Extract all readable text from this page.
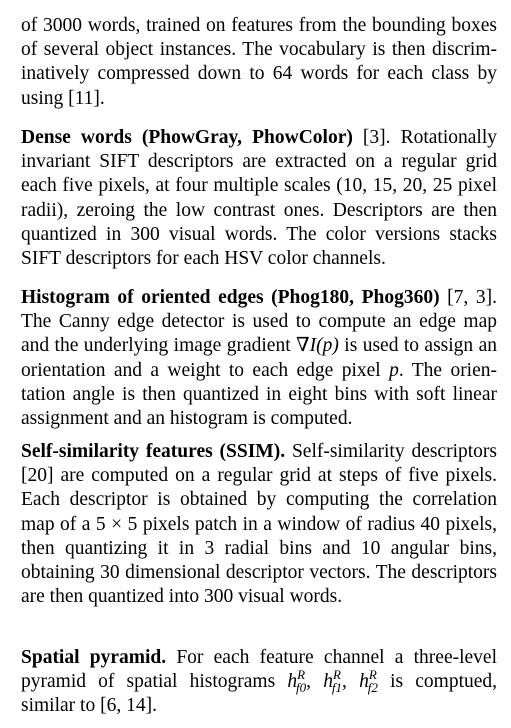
of 3000 words, trained on features from the bounding boxes of several object instances. The vocabulary is then discriminatively compressed down to 64 words for each class by using [11].

Dense words (PhowGray, PhowColor) [3]. Rotationally invariant SIFT descriptors are extracted on a regular grid each five pixels, at four multiple scales (10, 15, 20, 25 pixel radii), zeroing the low contrast ones. Descriptors are then quantized in 300 visual words. The color versions stacks SIFT descriptors for each HSV color channels.

Histogram of oriented edges (Phog180, Phog360) [7, 3]. The Canny edge detector is used to compute an edge map and the underlying image gradient ∇I(p) is used to assign an orientation and a weight to each edge pixel p. The orientation angle is then quantized in eight bins with soft linear assignment and an histogram is computed.

Self-similarity features (SSIM). Self-similarity descriptors [20] are computed on a regular grid at steps of five pixels. Each descriptor is obtained by computing the correlation map of a 5 × 5 pixels patch in a window of radius 40 pixels, then quantizing it in 3 radial bins and 10 angular bins, obtaining 30 dimensional descriptor vectors. The descriptors are then quantized into 300 visual words.

Spatial pyramid. For each feature channel a three-level pyramid of spatial histograms $h^R_{f0}$, $h^R_{f1}$, $h^R_{f2}$ is comptued, similar to [6, 14].
